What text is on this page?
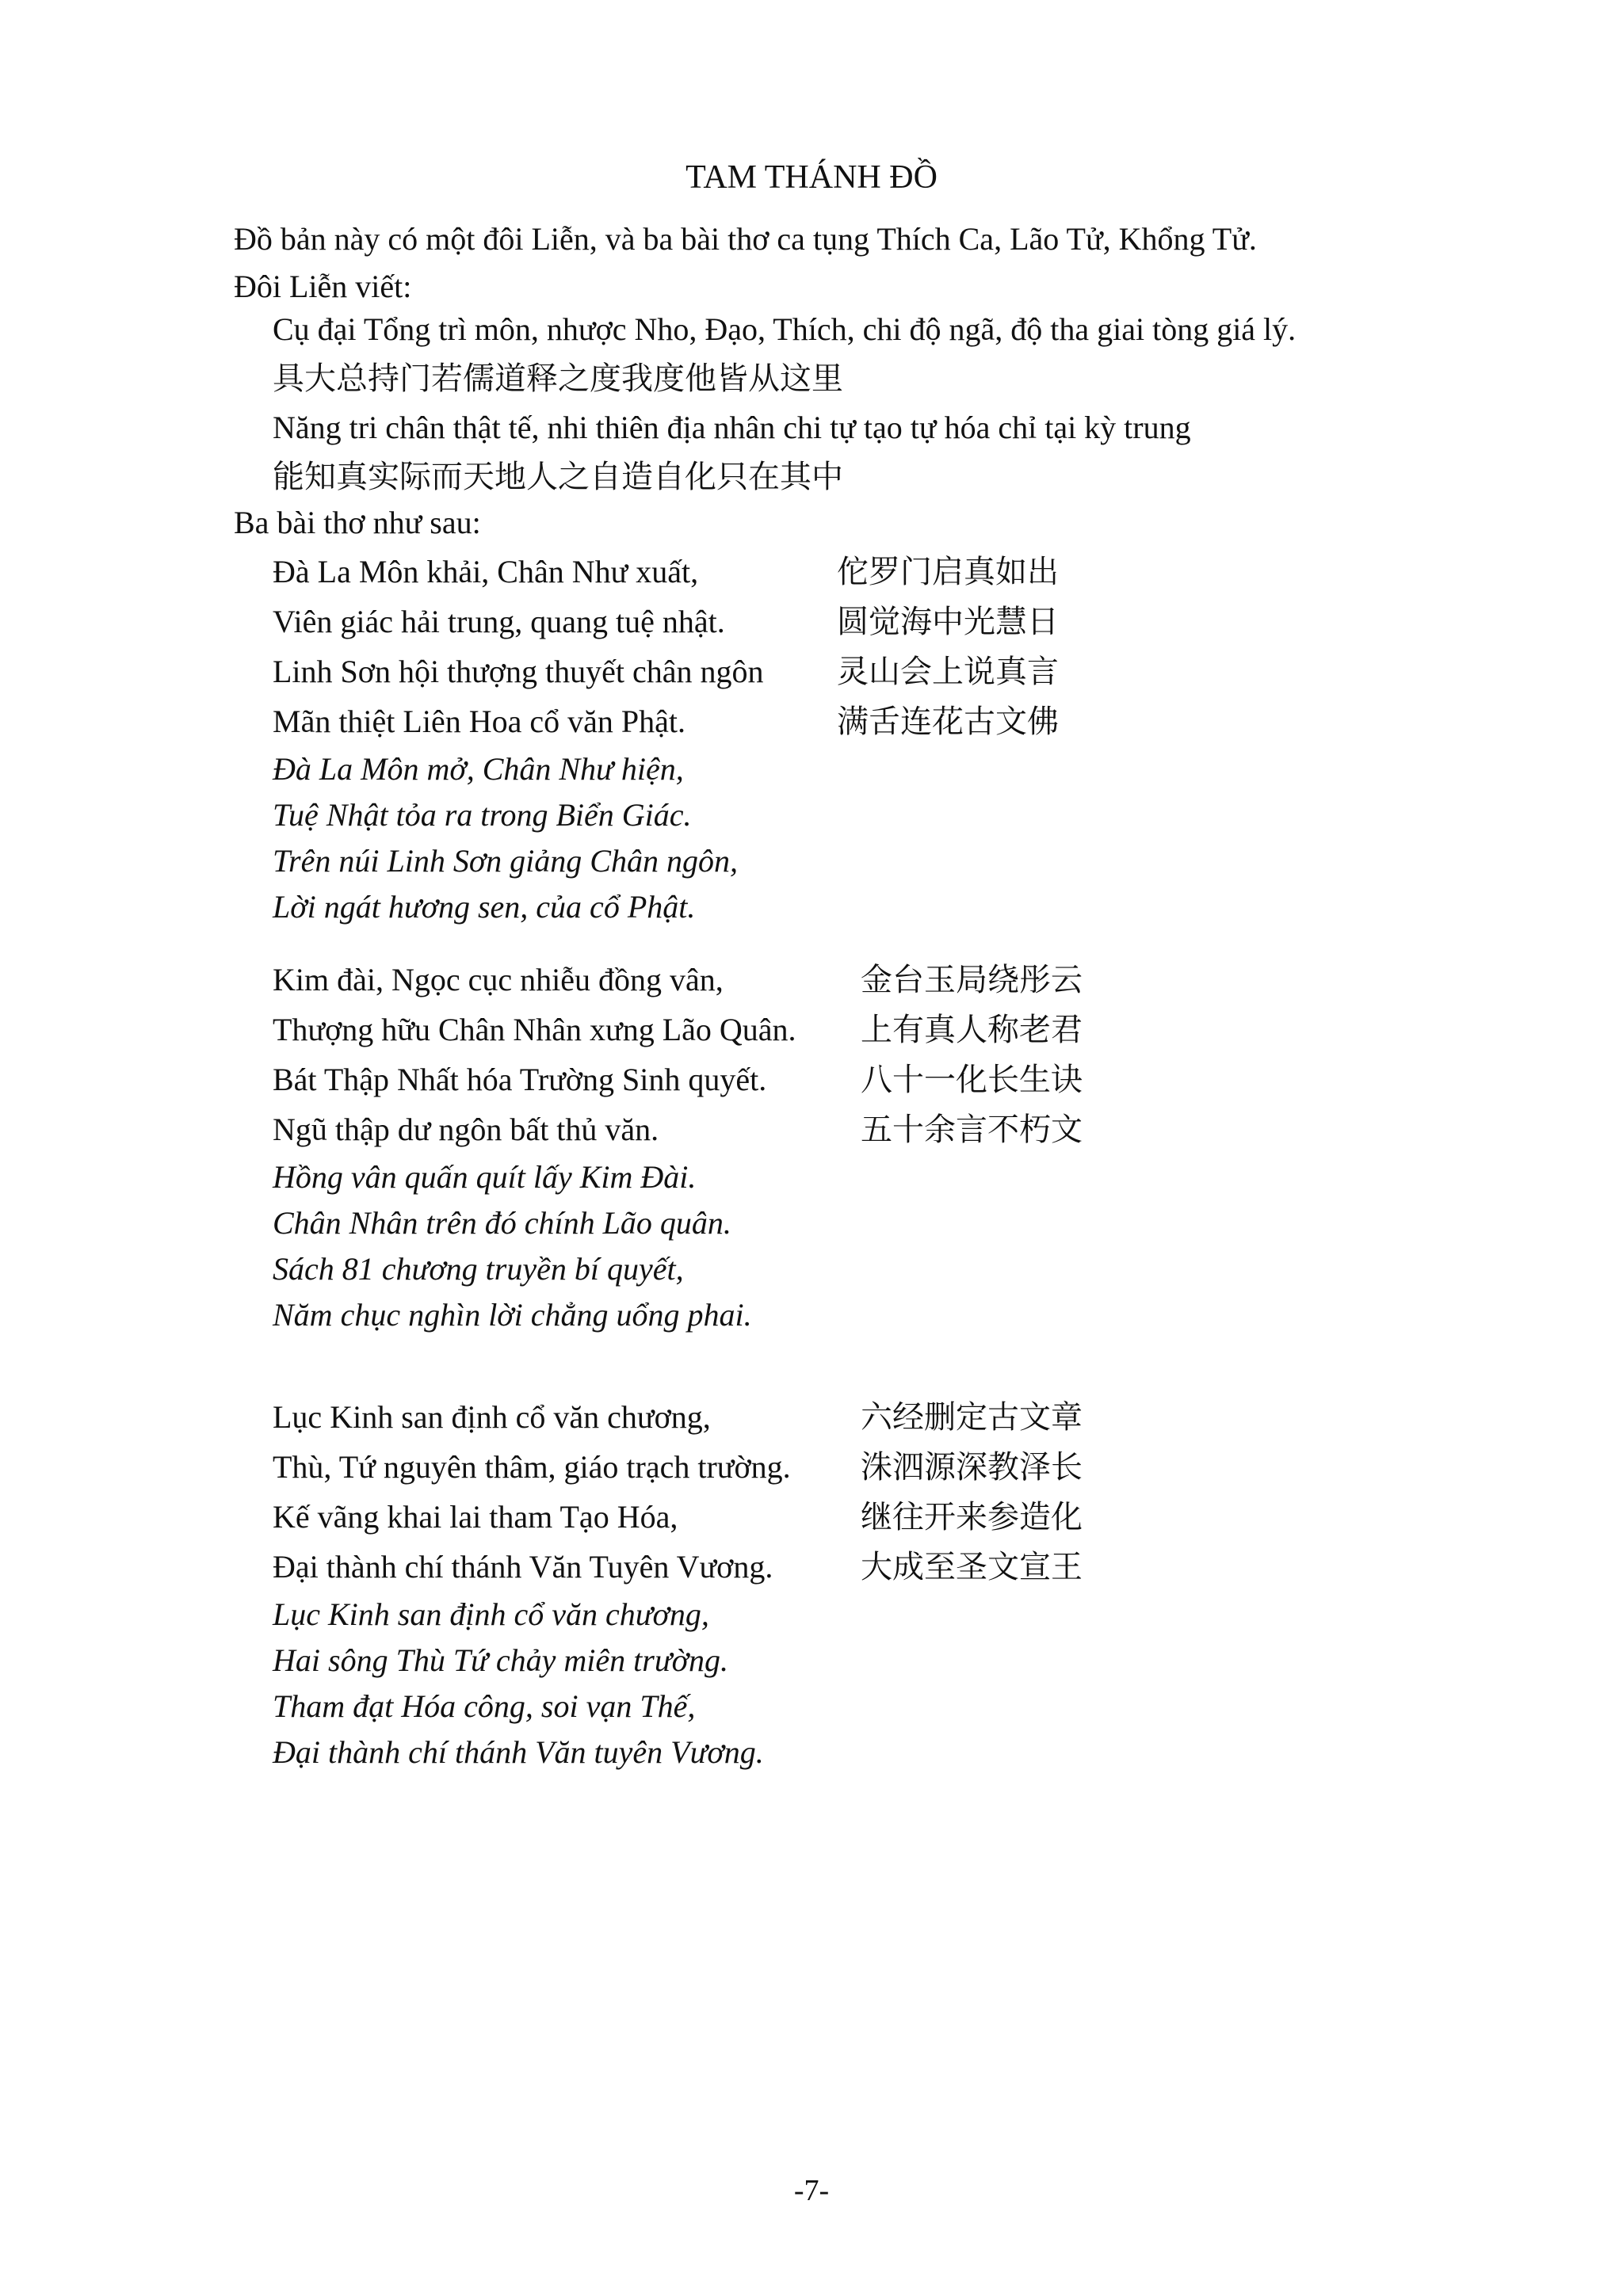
TAM THÁNH ĐỒ
Đồ bản này có một đôi Liễn, và ba bài thơ ca tụng Thích Ca, Lão Tử, Khổng Tử.
Đôi Liễn viết:
Cụ đại Tổng trì môn, nhược Nho, Đạo, Thích, chi độ ngã, độ tha giai tòng giá lý.
具大总持门若儒道释之度我度他皆从这里
Năng tri chân thật tế, nhi thiên địa nhân chi tự tạo tự hóa chỉ tại kỳ trung
能知真实际而天地人之自造自化只在其中
Ba bài thơ như sau:
Đà La Môn khải, Chân Như xuất,	佗罗门启真如出
Viên giác hải trung, quang tuệ nhật.	圆觉海中光慧日
Linh Sơn hội thượng thuyết chân ngôn 灵山会上说真言
Mãn thiệt Liên Hoa cổ văn Phật.	满舌连花古文佛
Đà La Môn mở, Chân Như hiện,
Tuệ Nhật tỏa ra trong Biển Giác.
Trên núi Linh Sơn giảng Chân ngôn,
Lời ngát hương sen, của cổ Phật.
Kim đài, Ngọc cục nhiễu đồng vân,	金台玉局绕彤云
Thượng hữu Chân Nhân xưng Lão Quân. 上有真人称老君
Bát Thập Nhất hóa Trường Sinh quyết.	八十一化长生诀
Ngũ thập dư ngôn bất thủ văn.	五十余言不朽文
Hồng vân quấn quít lấy Kim Đài.
Chân Nhân trên đó chính Lão quân.
Sách 81 chương truyền bí quyết,
Năm chục nghìn lời chẳng uổng phai.
Lục Kinh san định cổ văn chương,	六经删定古文章
Thù, Tứ nguyên thâm, giáo trạch trường. 洙泗源深教泽长
Kế vãng khai lai tham Tạo Hóa,	继往开来参造化
Đại thành chí thánh Văn Tuyên Vương.	大成至圣文宣王
Lục Kinh san định cổ văn chương,
Hai sông Thù Tứ chảy miên trường.
Tham đạt Hóa công, soi vạn Thế,
Đại thành chí thánh Văn tuyên Vương.
-7-
